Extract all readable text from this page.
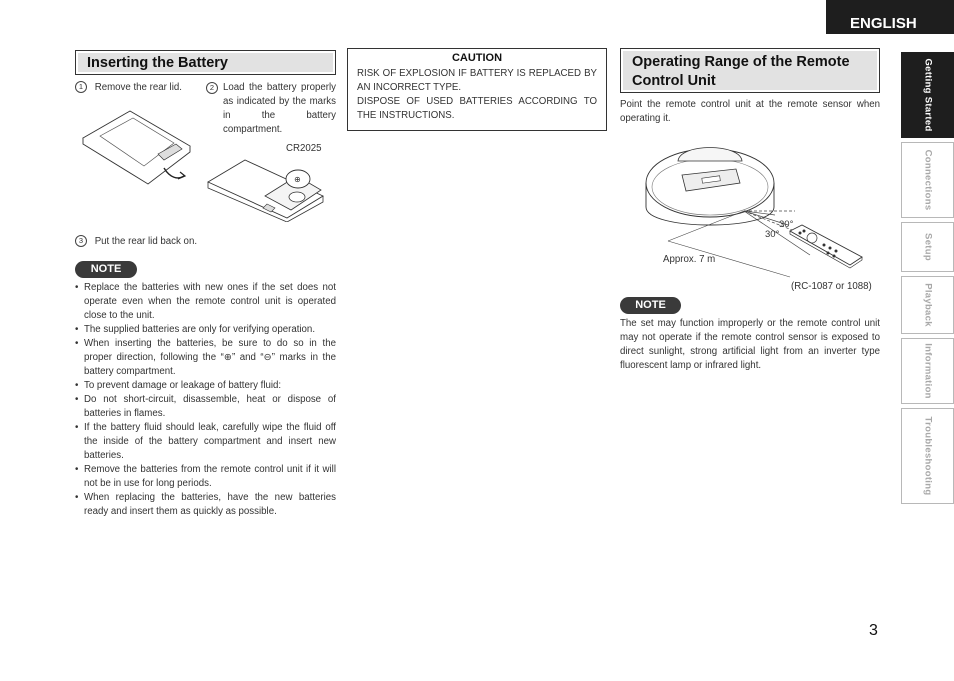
ENGLISH
Getting Started
Connections
Setup
Playback
Information
Troubleshooting
Inserting the Battery
1 Remove the rear lid.	2 Load the battery properly as indicated by the marks in the battery compartment.
CR2025
⊕
3 Put the rear lid back on.
NOTE
• Replace the batteries with new ones if the set does not operate even when the remote control unit is operated close to the unit.
• The supplied batteries are only for verifying operation.
• When inserting the batteries, be sure to do so in the proper direction, following the “⊕” and “⊖” marks in the battery compartment.
• To prevent damage or leakage of battery fluid:
• Do not short-circuit, disassemble, heat or dispose of batteries in flames.
• If the battery fluid should leak, carefully wipe the fluid off the inside of the battery compartment and insert new batteries.
• Remove the batteries from the remote control unit if it will not be in use for long periods.
• When replacing the batteries, have the new batteries ready and insert them as quickly as possible.
CAUTION
RISK OF EXPLOSION IF BATTERY IS REPLACED BY AN INCORRECT TYPE.
DISPOSE OF USED BATTERIES ACCORDING TO THE INSTRUCTIONS.
Operating Range of the Remote Control Unit
Point the remote control unit at the remote sensor when operating it.
30°
30°
Approx. 7 m
(RC-1087 or 1088)
NOTE
The set may function improperly or the remote control unit may not operate if the remote control sensor is exposed to direct sunlight, strong artificial light from an inverter type fluorescent lamp or infrared light.
3
